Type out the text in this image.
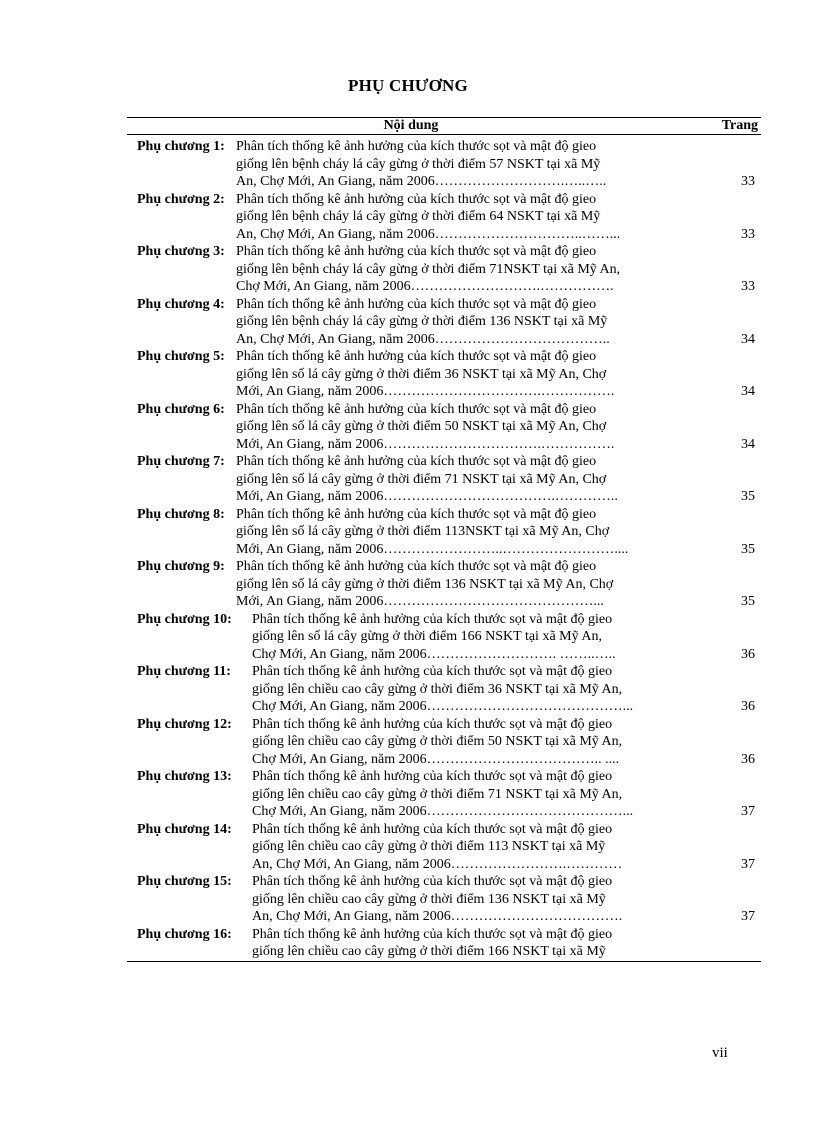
PHỤ CHƯƠNG
Nội dung	Trang
Phụ chương 1: Phân tích thống kê ảnh hưởng của kích thước sọt và mật độ gieo
giống lên bệnh cháy lá cây gừng ở thời điểm 57 NSKT tại xã Mỹ
An, Chợ Mới, An Giang, năm 2006……………………….…..…..	33
Phụ chương 2: Phân tích thống kê ảnh hưởng của kích thước sọt và mật độ gieo
giống lên bệnh cháy lá cây gừng ở thời điểm 64 NSKT tại xã Mỹ
An, Chợ Mới, An Giang, năm 2006…………………………..……...	33
Phụ chương 3: Phân tích thống kê ảnh hưởng của kích thước sọt và mật độ gieo
giống lên bệnh cháy lá cây gừng ở thời điểm 71NSKT tại xã Mỹ An,
Chợ Mới, An Giang, năm 2006……………………….…………….	33
Phụ chương 4: Phân tích thống kê ảnh hưởng của kích thước sọt và mật độ gieo
giống lên bệnh cháy lá cây gừng ở thời điểm 136 NSKT tại xã Mỹ
An, Chợ Mới, An Giang, năm 2006………………………………..	34
Phụ chương 5: Phân tích thống kê ảnh hưởng của kích thước sọt và mật độ gieo
giống lên số lá cây gừng ở thời điểm 36 NSKT tại xã Mỹ An, Chợ
Mới, An Giang, năm 2006…………………………….…………….	34
Phụ chương 6: Phân tích thống kê ảnh hưởng của kích thước sọt và mật độ gieo
giống lên số lá cây gừng ở thời điểm 50 NSKT tại xã Mỹ An, Chợ
Mới, An Giang, năm 2006…………………………….…………….	34
Phụ chương 7: Phân tích thống kê ảnh hưởng của kích thước sọt và mật độ gieo
giống lên số lá cây gừng ở thời điểm 71 NSKT tại xã Mỹ An, Chợ
Mới, An Giang, năm 2006……………………………….…………..	35
Phụ chương 8: Phân tích thống kê ảnh hưởng của kích thước sọt và mật độ gieo
giống lên số lá cây gừng ở thời điểm 113NSKT tại xã Mỹ An, Chợ
Mới, An Giang, năm 2006……………………..……………………....	35
Phụ chương 9: Phân tích thống kê ảnh hưởng của kích thước sọt và mật độ gieo
giống lên số lá cây gừng ở thời điểm 136 NSKT tại xã Mỹ An, Chợ
Mới, An Giang, năm 2006………………………………………...	35
Phụ chương 10: Phân tích thống kê ảnh hưởng của kích thước sọt và mật độ gieo
giống lên số lá cây gừng ở thời điểm 166 NSKT tại xã Mỹ An,
Chợ Mới, An Giang, năm 2006………………………. ……..…..	36
Phụ chương 11: Phân tích thống kê ảnh hưởng của kích thước sọt và mật độ gieo
giống lên chiều cao cây gừng ở thời điểm 36 NSKT tại xã Mỹ An,
Chợ Mới, An Giang, năm 2006……………………………………...	36
Phụ chương 12: Phân tích thống kê ảnh hưởng của kích thước sọt và mật độ gieo
giống lên chiều cao cây gừng ở thời điểm 50 NSKT tại xã Mỹ An,
Chợ Mới, An Giang, năm 2006……………………………….. ....	36
Phụ chương 13: Phân tích thống kê ảnh hưởng của kích thước sọt và mật độ gieo
giống lên chiều cao cây gừng ở thời điểm 71 NSKT tại xã Mỹ An,
Chợ Mới, An Giang, năm 2006……………………………………...	37
Phụ chương 14: Phân tích thống kê ảnh hưởng của kích thước sọt và mật độ gieo
giống lên chiều cao cây gừng ở thời điểm 113 NSKT tại xã Mỹ
An, Chợ Mới, An Giang, năm 2006…………………….…………	37
Phụ chương 15: Phân tích thống kê ảnh hưởng của kích thước sọt và mật độ gieo
giống lên chiều cao cây gừng ở thời điểm 136 NSKT tại xã Mỹ
An, Chợ Mới, An Giang, năm 2006……………………………….	37
Phụ chương 16: Phân tích thống kê ảnh hưởng của kích thước sọt và mật độ gieo
giống lên chiều cao cây gừng ở thời điểm 166 NSKT tại xã Mỹ
vii
